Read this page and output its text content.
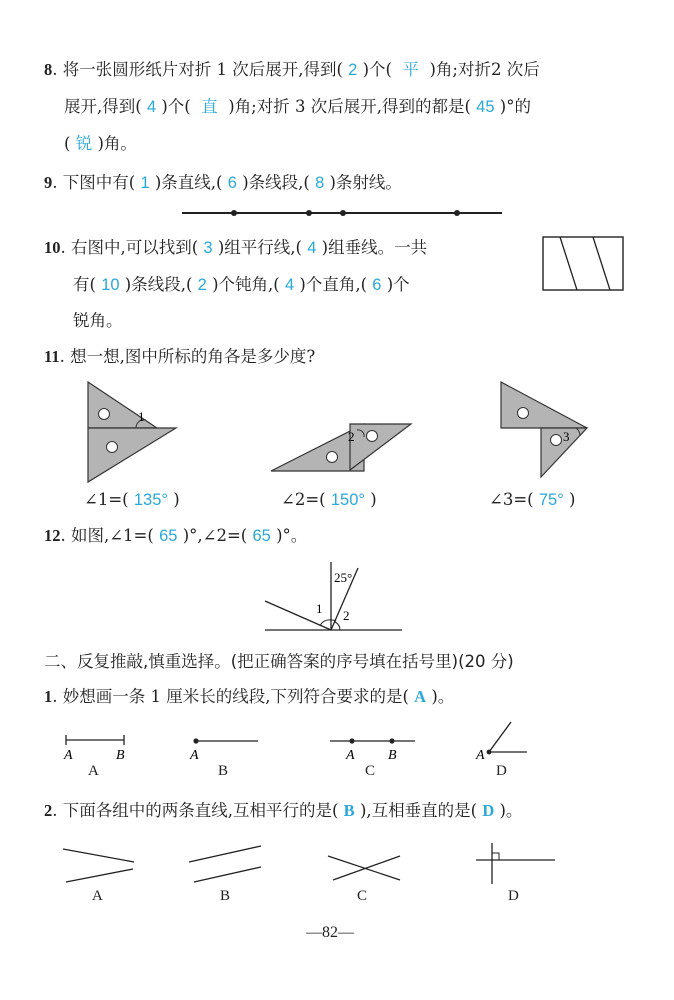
8. 将一张圆形纸片对折 1 次后展开,得到( 2 )个( 平 )角;对折2 次后
展开,得到( 4 )个( 直 )角;对折 3 次后展开,得到的都是( 45 )°的
( 锐 )角。
9. 下图中有( 1 )条直线,( 6 )条线段,( 8 )条射线。
10. 右图中,可以找到( 3 )组平行线,( 4 )组垂线。一共
有( 10 )条线段,( 2 )个钝角,( 4 )个直角,( 6 )个
锐角。
11. 想一想,图中所标的角各是多少度?
1
2	3
∠1=( 135° )	∠2=( 150° )	∠3=( 75° )
12. 如图,∠1=( 65 )°,∠2=( 65 )°。
25°
1 2
二、反复推敲,慎重选择。(把正确答案的序号填在括号里)(20 分)
1. 妙想画一条 1 厘米长的线段,下列符合要求的是( A )。
A	B	A	A B	A
A	B	C	D
2. 下面各组中的两条直线,互相平行的是( B ),互相垂直的是( D )。
A	B	C	D
—82—
